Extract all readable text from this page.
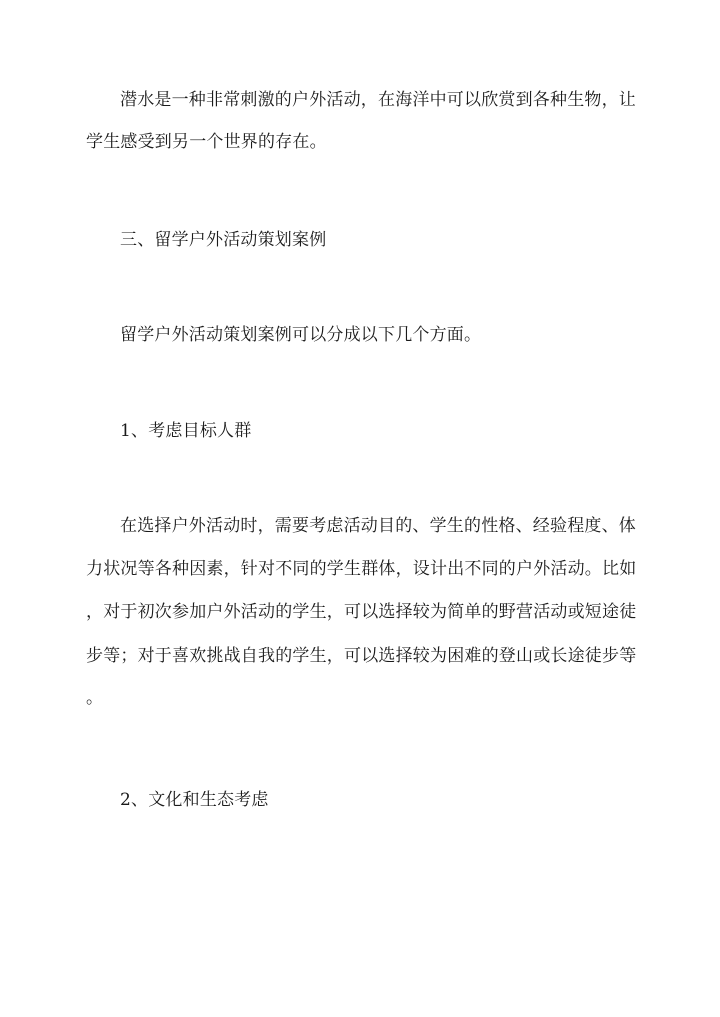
潜水是一种非常刺激的户外活动，在海洋中可以欣赏到各种生物，让
学生感受到另一个世界的存在。
三、留学户外活动策划案例
留学户外活动策划案例可以分成以下几个方面。
1、考虑目标人群
在选择户外活动时，需要考虑活动目的、学生的性格、经验程度、体
力状况等各种因素，针对不同的学生群体，设计出不同的户外活动。比如
，对于初次参加户外活动的学生，可以选择较为简单的野营活动或短途徒
步等；对于喜欢挑战自我的学生，可以选择较为困难的登山或长途徒步等
。
2、文化和生态考虑
